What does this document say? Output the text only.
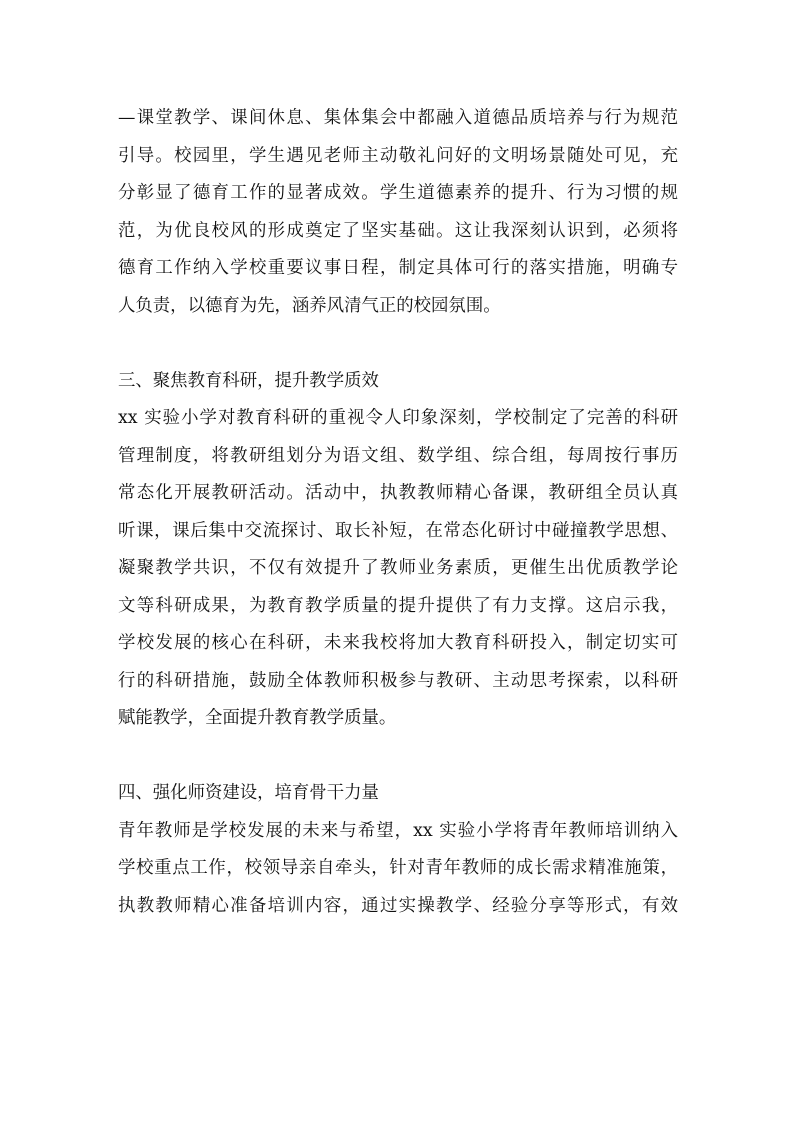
—课堂教学、课间休息、集体集会中都融入道德品质培养与行为规范
引导。校园里，学生遇见老师主动敬礼问好的文明场景随处可见，充
分彰显了德育工作的显著成效。学生道德素养的提升、行为习惯的规
范，为优良校风的形成奠定了坚实基础。这让我深刻认识到，必须将
德育工作纳入学校重要议事日程，制定具体可行的落实措施，明确专
人负责，以德育为先，涵养风清气正的校园氛围。
三、聚焦教育科研，提升教学质效
xx 实验小学对教育科研的重视令人印象深刻，学校制定了完善的科研
管理制度，将教研组划分为语文组、数学组、综合组，每周按行事历
常态化开展教研活动。活动中，执教教师精心备课，教研组全员认真
听课，课后集中交流探讨、取长补短，在常态化研讨中碰撞教学思想、
凝聚教学共识，不仅有效提升了教师业务素质，更催生出优质教学论
文等科研成果，为教育教学质量的提升提供了有力支撑。这启示我，
学校发展的核心在科研，未来我校将加大教育科研投入，制定切实可
行的科研措施，鼓励全体教师积极参与教研、主动思考探索，以科研
赋能教学，全面提升教育教学质量。
四、强化师资建设，培育骨干力量
青年教师是学校发展的未来与希望，xx 实验小学将青年教师培训纳入
学校重点工作，校领导亲自牵头，针对青年教师的成长需求精准施策，
执教教师精心准备培训内容，通过实操教学、经验分享等形式，有效
